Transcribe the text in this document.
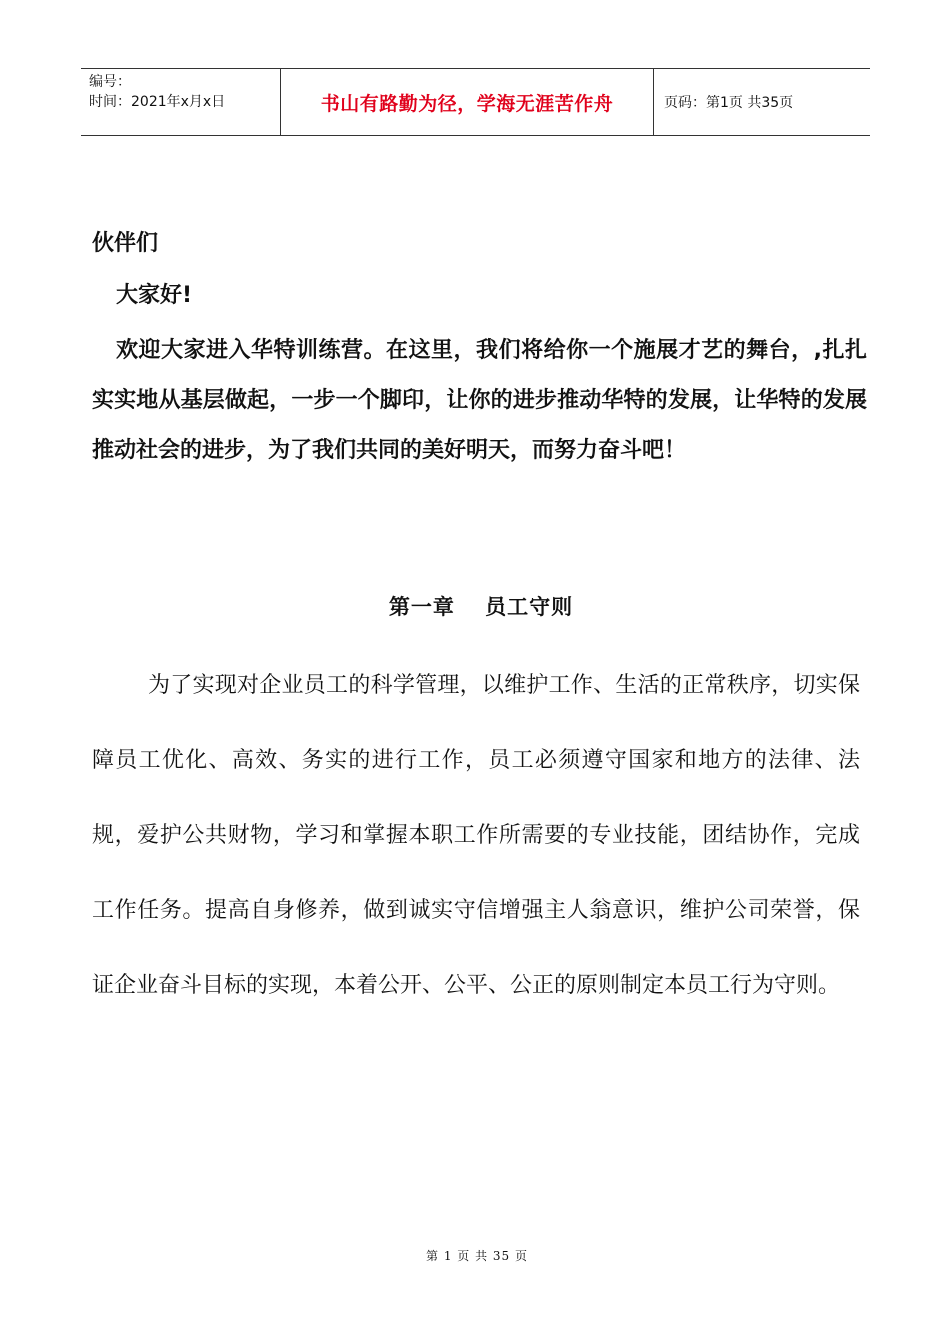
编号：
时间：2021年x月x日	书山有路勤为径，学海无涯苦作舟	页码：第1页 共35页
伙伴们
大家好!
欢迎大家进入华特训练营。在这里，我们将给你一个施展才艺的舞台，,扎扎实实地从基层做起，一步一个脚印，让你的进步推动华特的发展，让华特的发展推动社会的进步，为了我们共同的美好明天，而努力奋斗吧！
第一章　 员工守则

为了实现对企业员工的科学管理，以维护工作、生活的正常秩序，切实保障员工优化、高效、务实的进行工作，员工必须遵守国家和地方的法律、法规，爱护公共财物，学习和掌握本职工作所需要的专业技能，团结协作，完成工作任务。提高自身修养，做到诚实守信增强主人翁意识，维护公司荣誉，保证企业奋斗目标的实现，本着公开、公平、公正的原则制定本员工行为守则。

第 1 页 共 35 页
